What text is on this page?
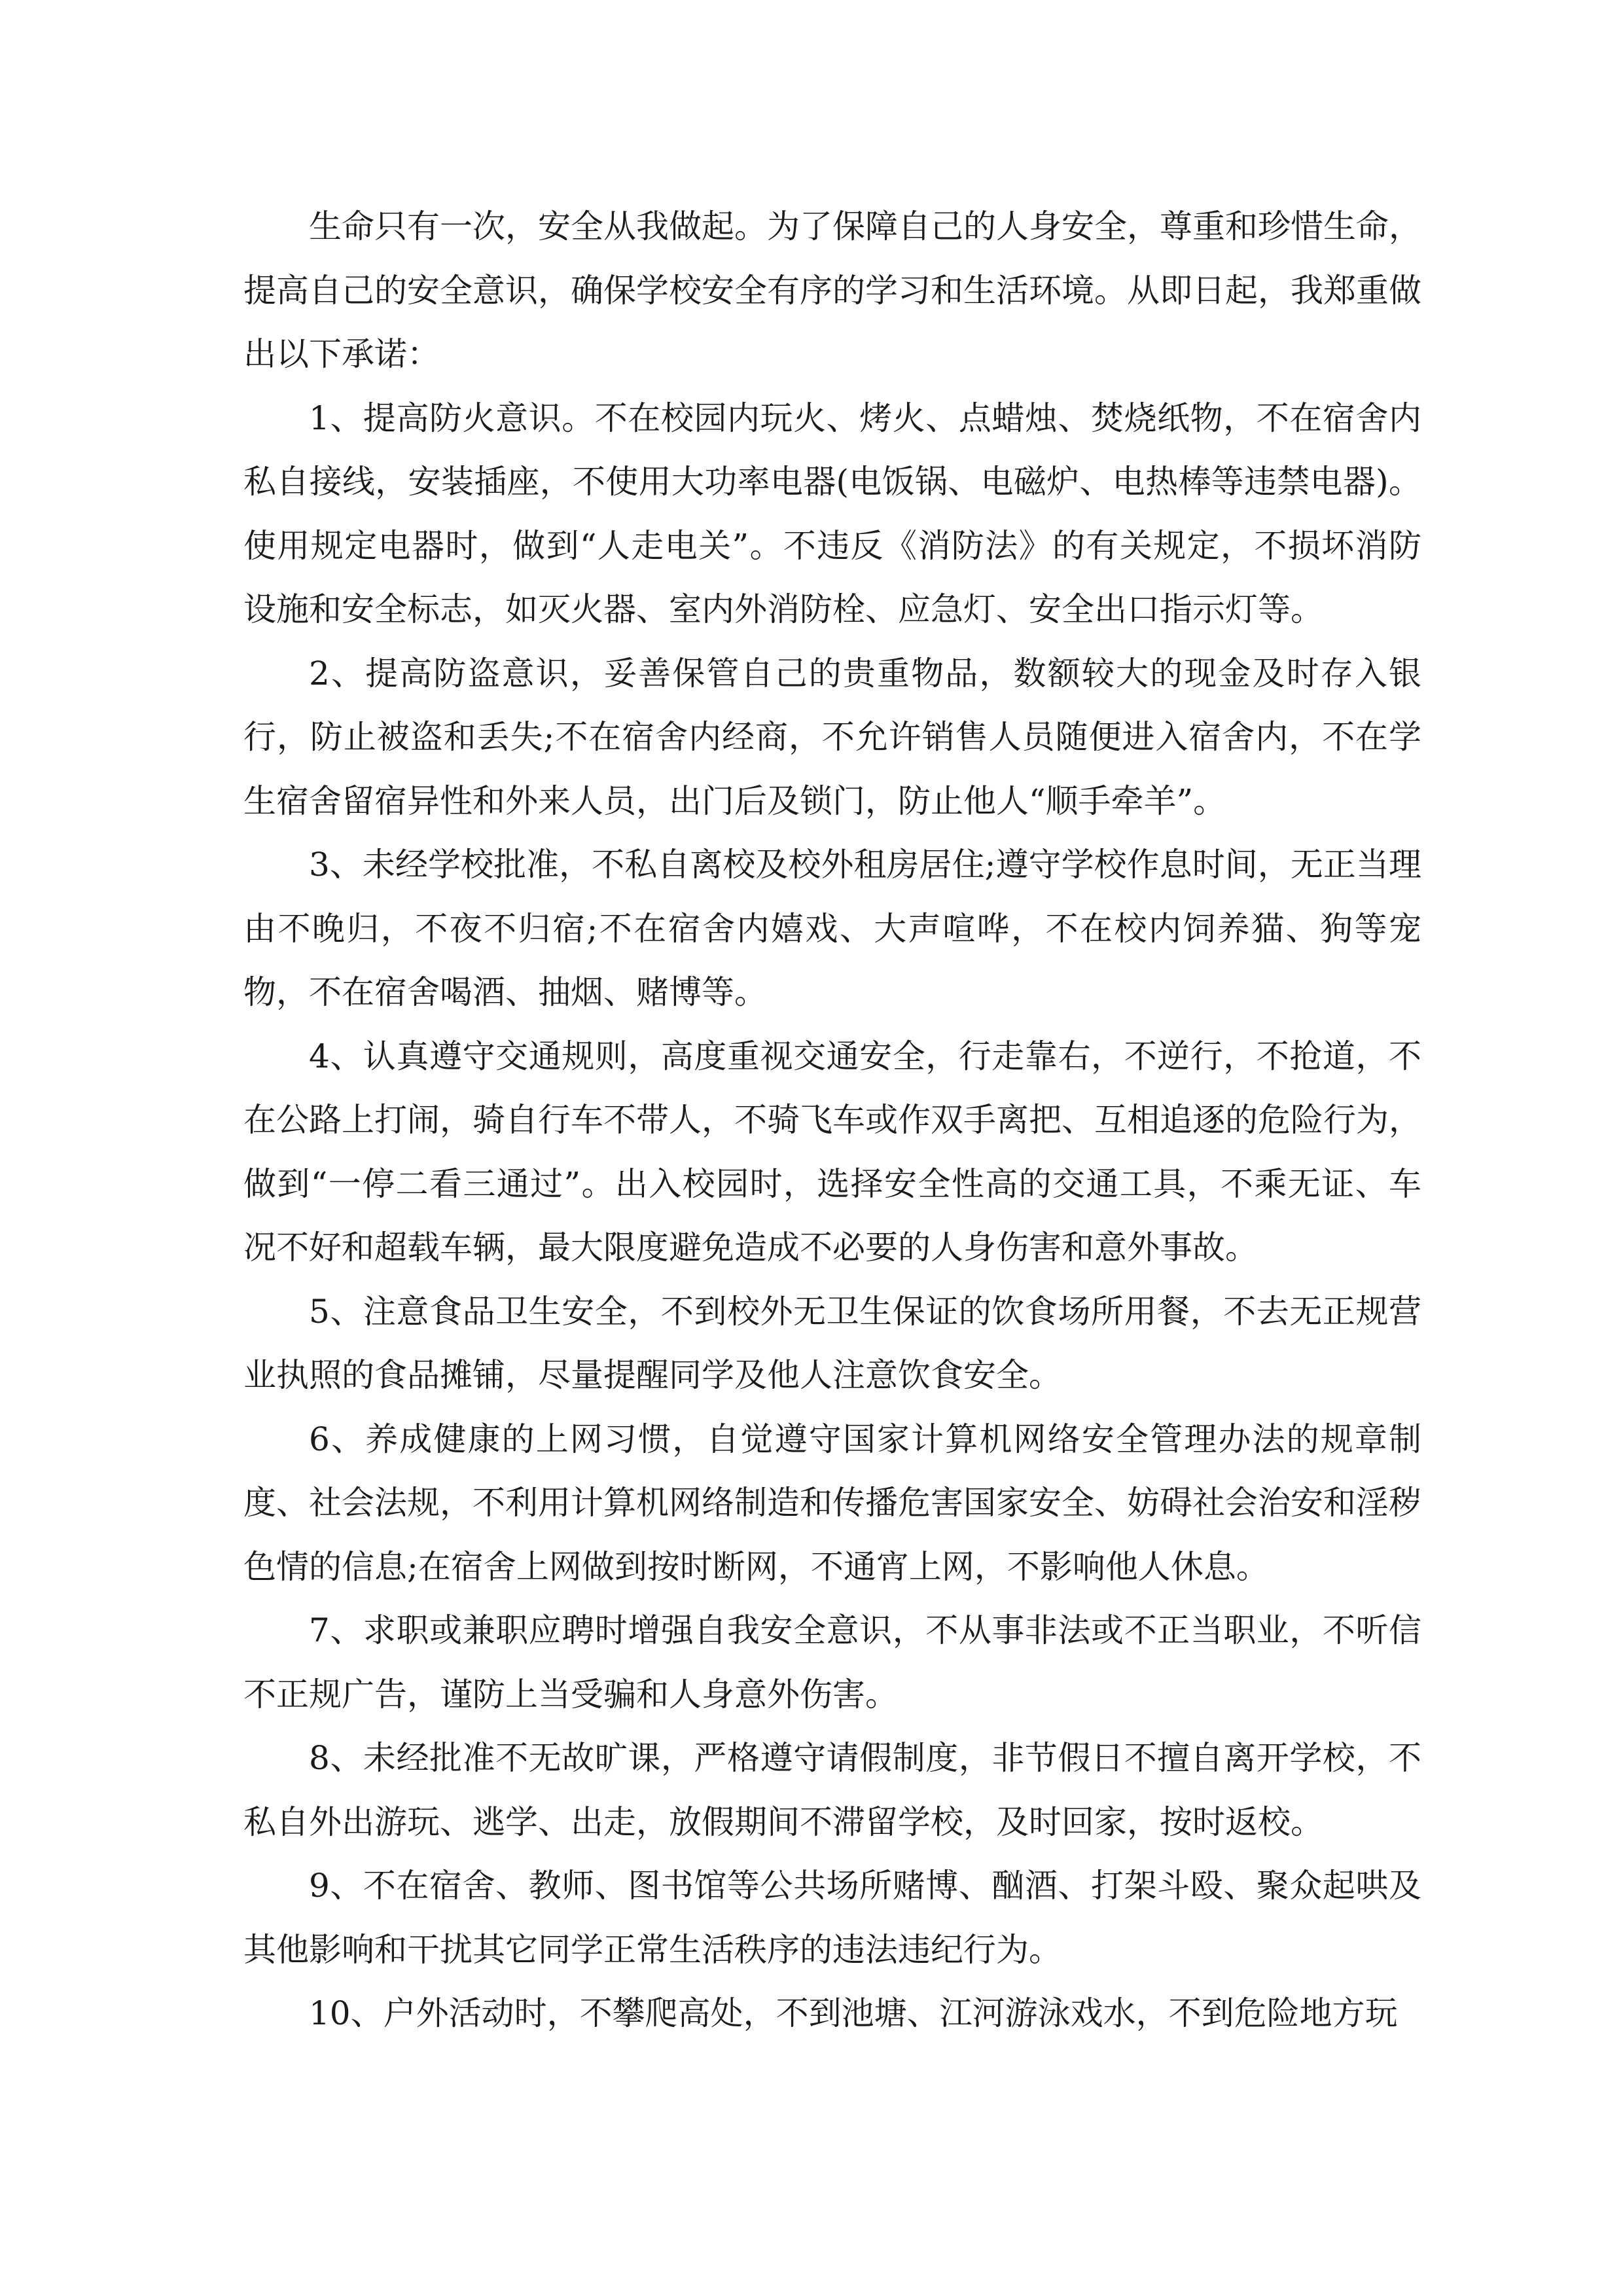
生命只有一次，安全从我做起。为了保障自己的人身安全，尊重和珍惜生命，提高自己的安全意识，确保学校安全有序的学习和生活环境。从即日起，我郑重做出以下承诺：

1、提高防火意识。不在校园内玩火、烤火、点蜡烛、焚烧纸物，不在宿舍内私自接线，安装插座，不使用大功率电器(电饭锅、电磁炉、电热棒等违禁电器)。使用规定电器时，做到“人走电关”。不违反《消防法》的有关规定，不损坏消防设施和安全标志，如灭火器、室内外消防栓、应急灯、安全出口指示灯等。

2、提高防盗意识，妥善保管自己的贵重物品，数额较大的现金及时存入银行，防止被盗和丢失;不在宿舍内经商，不允许销售人员随便进入宿舍内，不在学生宿舍留宿异性和外来人员，出门后及锁门，防止他人“顺手牵羊”。

3、未经学校批准，不私自离校及校外租房居住;遵守学校作息时间，无正当理由不晚归，不夜不归宿;不在宿舍内嬉戏、大声喧哗，不在校内饲养猫、狗等宠物，不在宿舍喝酒、抽烟、赌博等。

4、认真遵守交通规则，高度重视交通安全，行走靠右，不逆行，不抢道，不在公路上打闹，骑自行车不带人，不骑飞车或作双手离把、互相追逐的危险行为，做到“一停二看三通过”。出入校园时，选择安全性高的交通工具，不乘无证、车况不好和超载车辆，最大限度避免造成不必要的人身伤害和意外事故。

5、注意食品卫生安全，不到校外无卫生保证的饮食场所用餐，不去无正规营业执照的食品摊铺，尽量提醒同学及他人注意饮食安全。

6、养成健康的上网习惯，自觉遵守国家计算机网络安全管理办法的规章制度、社会法规，不利用计算机网络制造和传播危害国家安全、妨碍社会治安和淫秽色情的信息;在宿舍上网做到按时断网，不通宵上网，不影响他人休息。

7、求职或兼职应聘时增强自我安全意识，不从事非法或不正当职业，不听信不正规广告，谨防上当受骗和人身意外伤害。

8、未经批准不无故旷课，严格遵守请假制度，非节假日不擅自离开学校，不私自外出游玩、逃学、出走，放假期间不滞留学校，及时回家，按时返校。

9、不在宿舍、教师、图书馆等公共场所赌博、酗酒、打架斗殴、聚众起哄及其他影响和干扰其它同学正常生活秩序的违法违纪行为。

10、户外活动时，不攀爬高处，不到池塘、江河游泳戏水，不到危险地方玩
